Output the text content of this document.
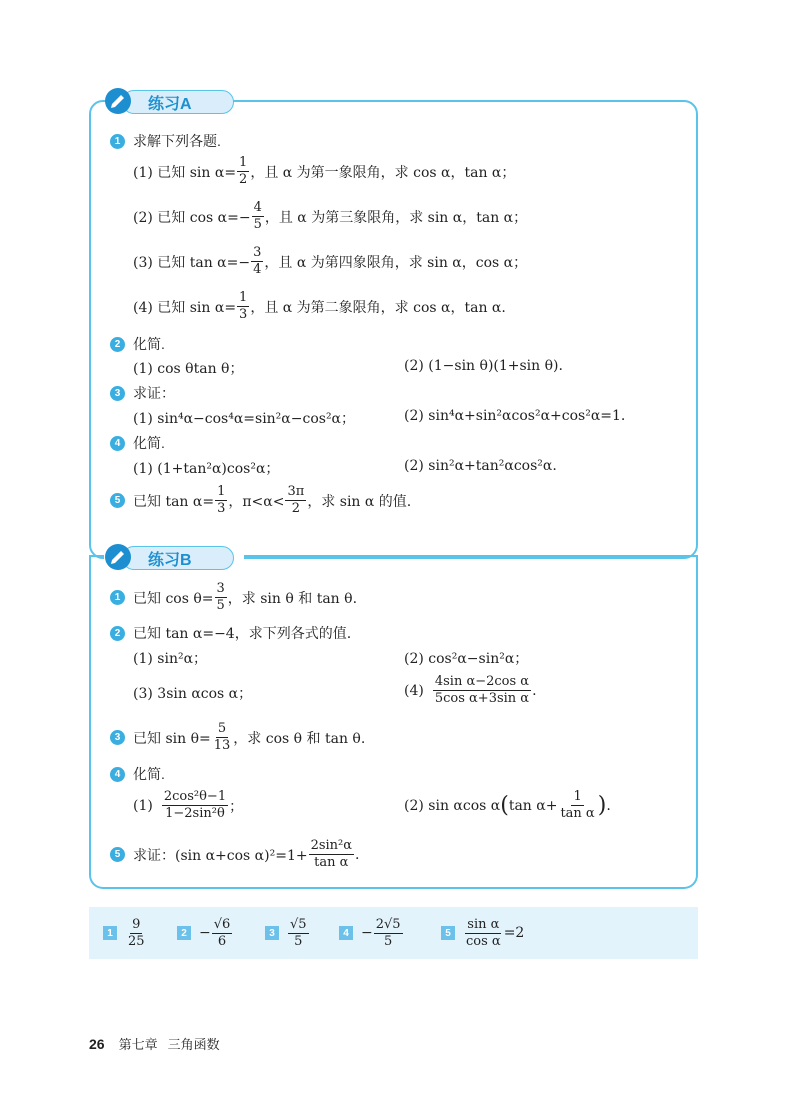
练习A
1 求解下列各题.
(1) 已知 $\sin \alpha= \frac{1}{2}$ ，且 α 为第一象限角，求 cos α，tan α；
(2) 已知 $\cos \alpha=- \frac{4}{5}$ ，且 α 为第三象限角，求 sin α，tan α；
(3) 已知 $\tan \alpha=- \frac{3}{4}$ ，且 α 为第四象限角，求 sin α，cos α；
(4) 已知 $\sin \alpha= \frac{1}{3}$ ，且 α 为第二象限角，求 cos α，tan α.
2 化简.
(1) cos θtan θ；	(2) (1−sin θ)(1+sin θ).
3 求证：
(1) sin⁴α−cos⁴α=sin²α−cos²α；	(2) sin⁴α+sin²αcos²α+cos²α=1.
4 化简.
(1) (1+tan²α)cos²α；	(2) sin²α+tan²αcos²α.
5 已知 $\tan \alpha= \frac{1}{3}$ ，$\pi<\alpha< \frac{3\pi}{2}$ ，求 sin α 的值.
练习B
1 已知 $\cos \theta= \frac{3}{5}$ ，求 sin θ 和 tan θ.
2 已知 tan α=−4，求下列各式的值.
(1) sin²α；	(2) cos²α−sin²α；
(3) 3sin αcos α；	$(4) \frac{\text{4sin α−2cos α}}{\text{5cos α+3sin α}}$ .
3 已知 $\sin \theta= \frac{5}{13}$ ，求 cos θ 和 tan θ.
4 化简.
$(1) \frac{\text{2cos²θ−1}}{\text{1−2sin²θ}}$ ；	(2) sin αcos α ( $\tan \alpha+ \frac{1}{\text{tan α}}$ ) .
5 求证：(sin α+cos $\alpha)^2=1+ \frac{\text{2sin²α}}{\text{tan α}}$ .
1	$\frac{9}{25}$	$2 - \frac{√6}{6}$	3	$\frac{√5}{5}$	$4 - \frac{2√5}{5}$	5	$\frac{\text{sin α}}{\text{cos α}} =2$
26 第七章 三角函数
